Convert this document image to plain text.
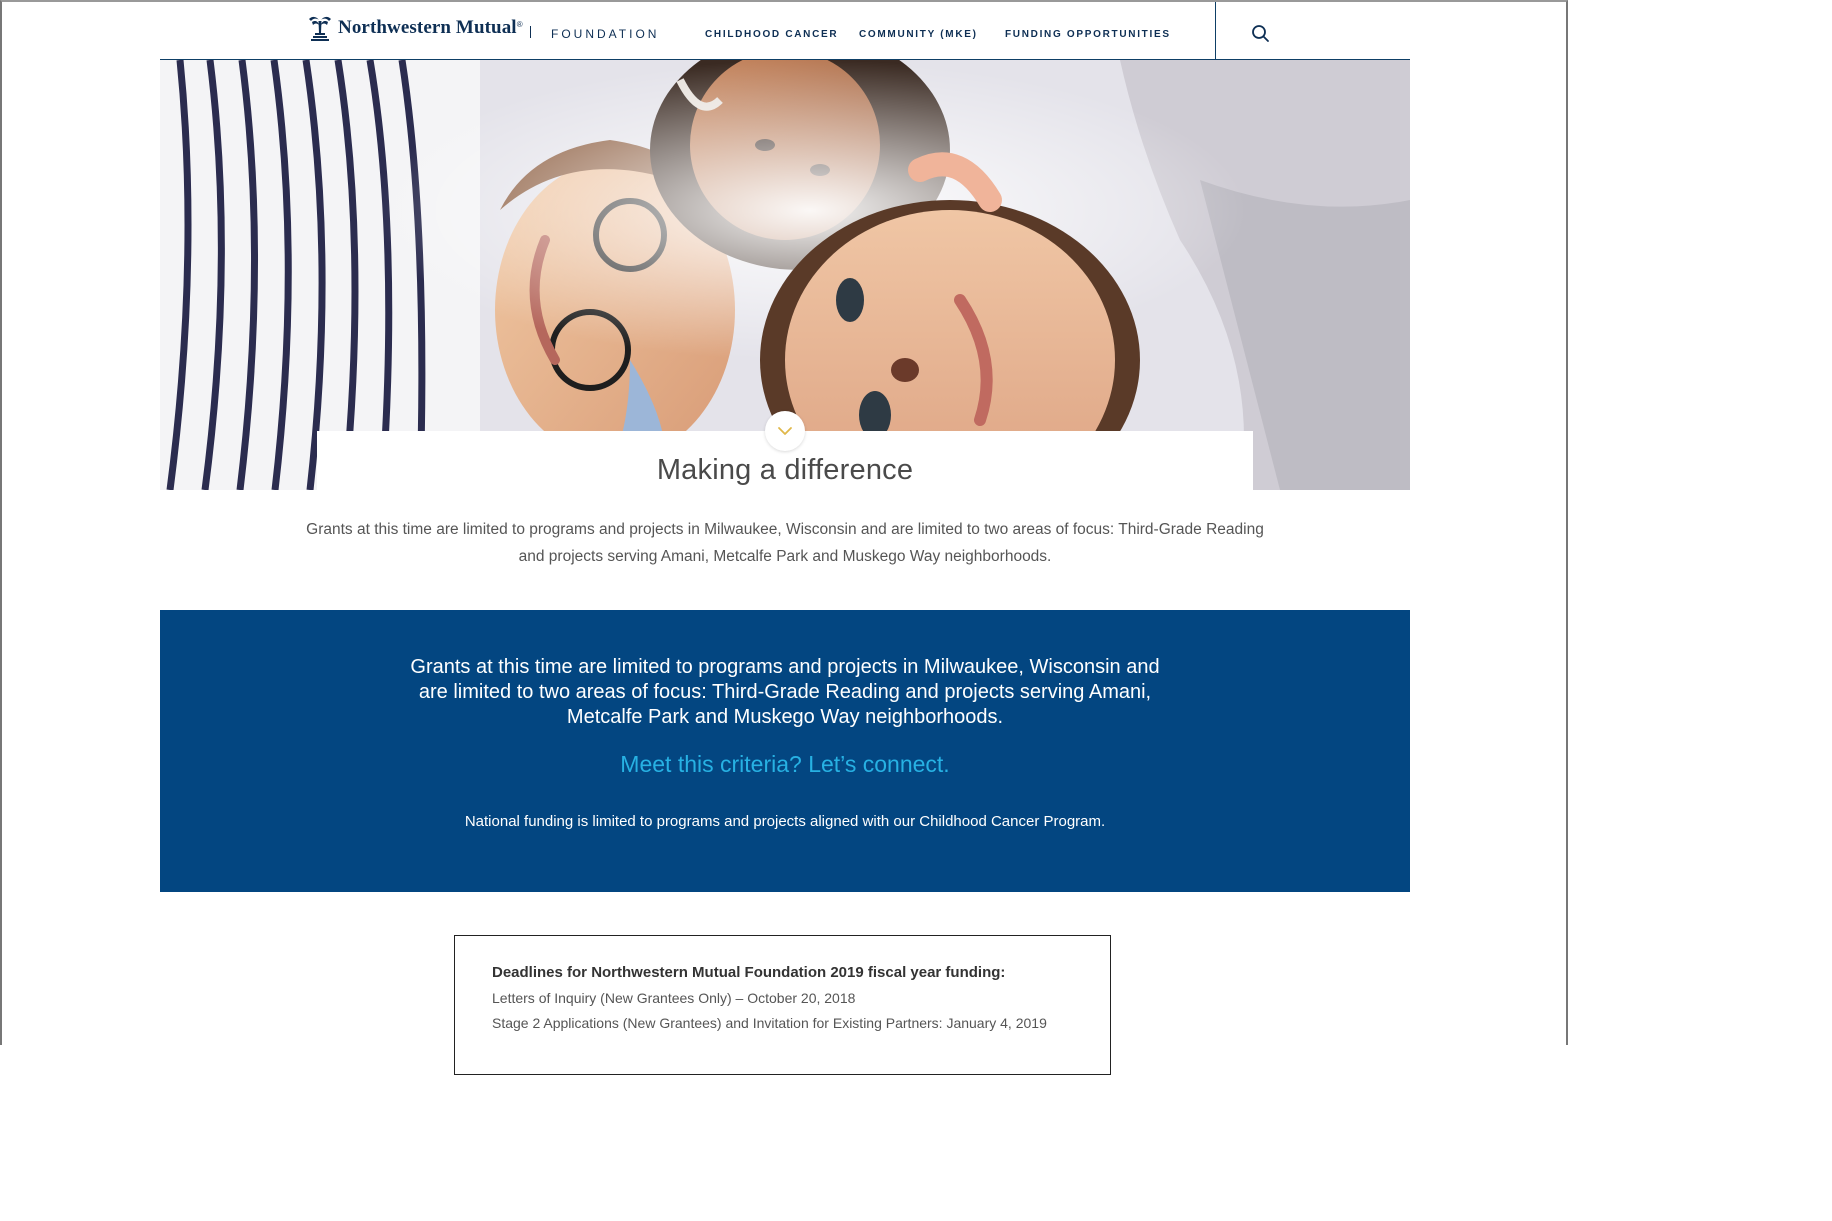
Northwestern Mutual ®
FOUNDATION	CHILDHOOD CANCER	COMMUNITY (MKE)	FUNDING OPPORTUNITIES
Making a difference

Grants at this time are limited to programs and projects in Milwaukee, Wisconsin and are limited to two areas of focus: Third-Grade Reading and projects serving Amani, Metcalfe Park and Muskego Way neighborhoods.

Grants at this time are limited to programs and projects in Milwaukee, Wisconsin and are limited to two areas of focus: Third-Grade Reading and projects serving Amani, Metcalfe Park and Muskego Way neighborhoods.

Meet this criteria? Let’s connect.

National funding is limited to programs and projects aligned with our Childhood Cancer Program.

Deadlines for Northwestern Mutual Foundation 2019 fiscal year funding:

Letters of Inquiry (New Grantees Only) – October 20, 2018

Stage 2 Applications (New Grantees) and Invitation for Existing Partners: January 4, 2019
